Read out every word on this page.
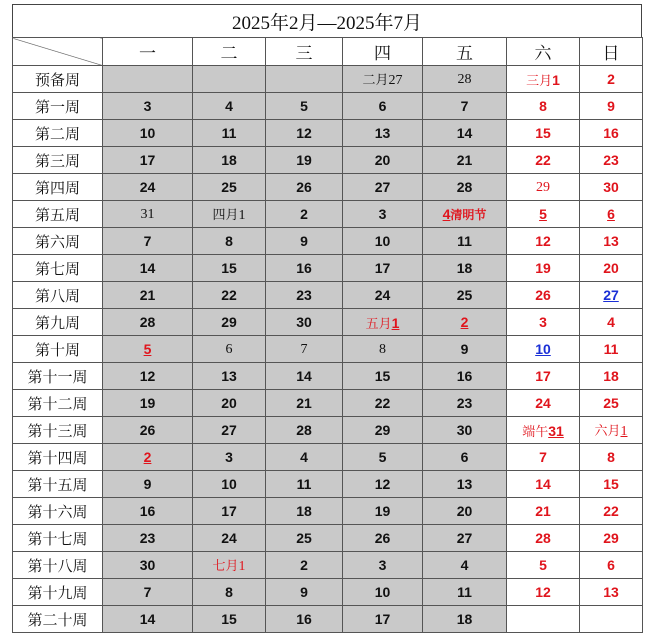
2025年2月—2025年7月
	一	二	三	四	五	六	日
预备周				二月27	28	三月1	2
第一周	3	4	5	6	7	8	9
第二周	10	11	12	13	14	15	16
第三周	17	18	19	20	21	22	23
第四周	24	25	26	27	28	29	30
第五周	31	四月1	2	3	4清明节	5	6
第六周	7	8	9	10	11	12	13
第七周	14	15	16	17	18	19	20
第八周	21	22	23	24	25	26	27
第九周	28	29	30	五月1	2	3	4
第十周	5	6	7	8	9	10	11
第十一周	12	13	14	15	16	17	18
第十二周	19	20	21	22	23	24	25
第十三周	26	27	28	29	30	端午31	六月1
第十四周	2	3	4	5	6	7	8
第十五周	9	10	11	12	13	14	15
第十六周	16	17	18	19	20	21	22
第十七周	23	24	25	26	27	28	29
第十八周	30	七月1	2	3	4	5	6
第十九周	7	8	9	10	11	12	13
第二十周	14	15	16	17	18		
